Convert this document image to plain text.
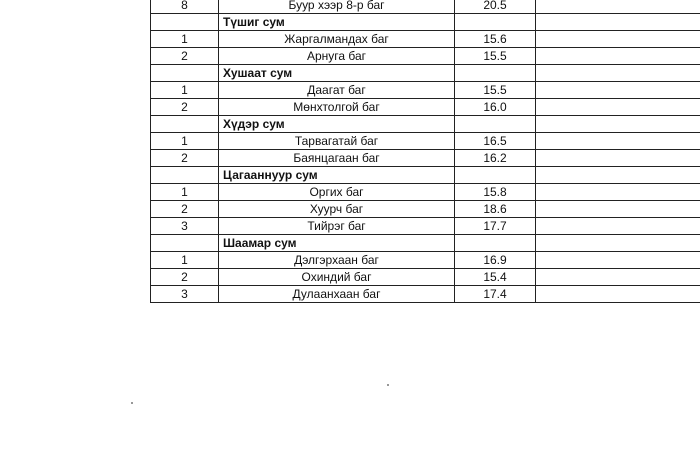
8	Буур хээр 8-р баг	20.5	
	Түшиг сум		
1	Жаргалмандах баг	15.6	
2	Арнуга баг	15.5	
	Хушаат сум		
1	Даагат баг	15.5	
2	Мөнхтолгой баг	16.0	
	Хүдэр сум		
1	Тарвагатай баг	16.5	
2	Баянцагаан баг	16.2	
	Цагааннуур сум		
1	Оргих баг	15.8	
2	Хуурч баг	18.6	
3	Тийрэг баг	17.7	
	Шаамар сум		
1	Дэлгэрхаан баг	16.9	
2	Охиндий баг	15.4	
3	Дулаанхаан баг	17.4	
